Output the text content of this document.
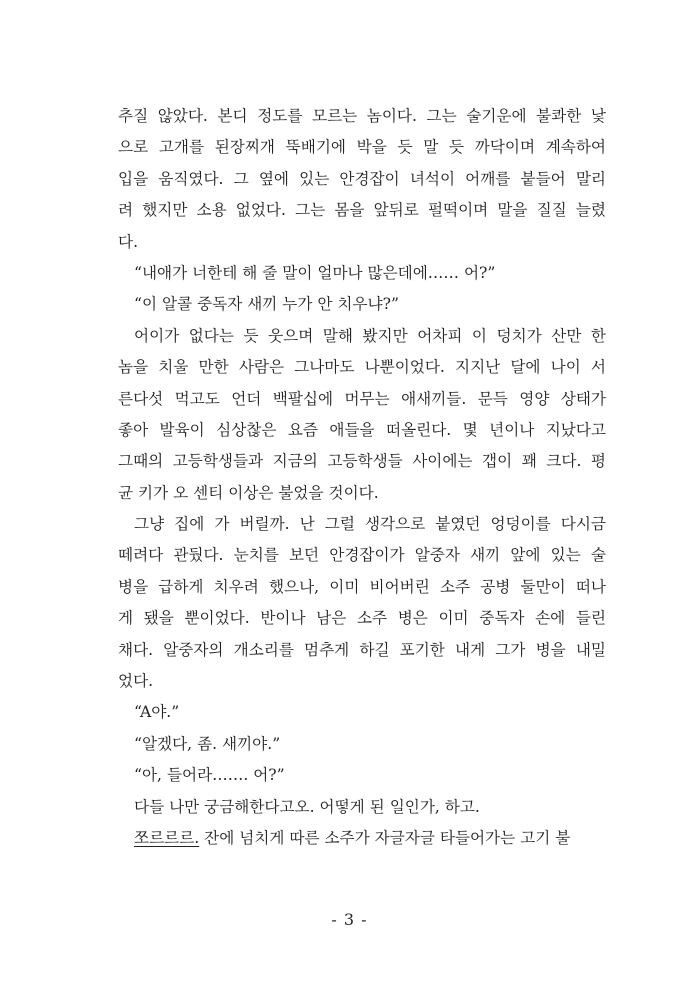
추질 않았다. 본디 정도를 모르는 놈이다. 그는 술기운에 불콰한 낯
으로 고개를 된장찌개 뚝배기에 박을 듯 말 듯 까닥이며 계속하여
입을 움직였다. 그 옆에 있는 안경잡이 녀석이 어깨를 붙들어 말리
려 했지만 소용 없었다. 그는 몸을 앞뒤로 펄떡이며 말을 질질 늘렸
다.
“내애가 너한테 해 줄 말이 얼마나 많은데에…… 어?”
“이 알콜 중독자 새끼 누가 안 치우냐?”
어이가 없다는 듯 웃으며 말해 봤지만 어차피 이 덩치가 산만 한
놈을 치울 만한 사람은 그나마도 나뿐이었다. 지지난 달에 나이 서
른다섯 먹고도 언더 백팔십에 머무는 애새끼들. 문득 영양 상태가
좋아 발육이 심상찮은 요즘 애들을 떠올린다. 몇 년이나 지났다고
그때의 고등학생들과 지금의 고등학생들 사이에는 갭이 꽤 크다. 평
균 키가 오 센티 이상은 불었을 것이다.
그냥 집에 가 버릴까. 난 그럴 생각으로 붙였던 엉덩이를 다시금
떼려다 관뒀다. 눈치를 보던 안경잡이가 알중자 새끼 앞에 있는 술
병을 급하게 치우려 했으나, 이미 비어버린 소주 공병 둘만이 떠나
게 됐을 뿐이었다. 반이나 남은 소주 병은 이미 중독자 손에 들린
채다. 알중자의 개소리를 멈추게 하길 포기한 내게 그가 병을 내밀
었다.
“A야.”
“알겠다, 좀. 새끼야.”
“아, 들어라……. 어?”
다들 나만 궁금해한다고오. 어떻게 된 일인가, 하고.
쪼르르르. 잔에 넘치게 따른 소주가 자글자글 타들어가는 고기 불
- 3 -
